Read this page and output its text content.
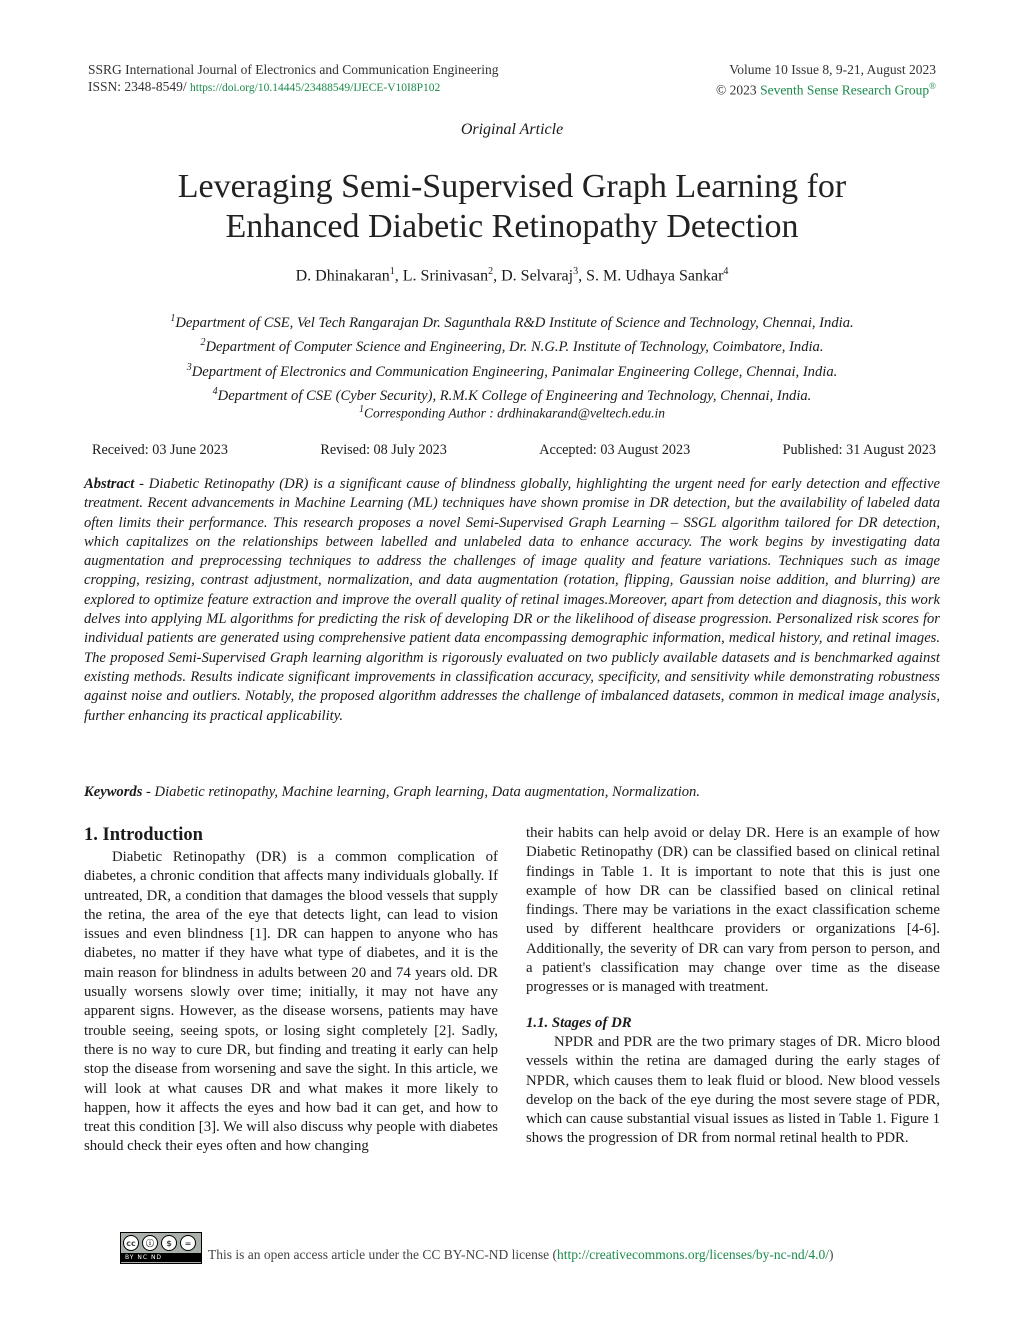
SSRG International Journal of Electronics and Communication Engineering
ISSN: 2348-8549/ https://doi.org/10.14445/23488549/IJECE-V10I8P102
Volume 10 Issue 8, 9-21, August 2023
© 2023 Seventh Sense Research Group®
Original Article
Leveraging Semi-Supervised Graph Learning for
Enhanced Diabetic Retinopathy Detection
D. Dhinakaran$^1$, L. Srinivasan$^2$, D. Selvaraj$^3$, S. M. Udhaya Sankar$^4$
$^1$Department of CSE, Vel Tech Rangarajan Dr. Sagunthala R&D Institute of Science and Technology, Chennai, India.
$^2$Department of Computer Science and Engineering, Dr. N.G.P. Institute of Technology, Coimbatore, India.
$^3$Department of Electronics and Communication Engineering, Panimalar Engineering College, Chennai, India.
$^4$Department of CSE (Cyber Security), R.M.K College of Engineering and Technology, Chennai, India.
$^1$Corresponding Author : drdhinakarand@veltech.edu.in
Received: 03 June 2023	Revised: 08 July 2023	Accepted: 03 August 2023	Published: 31 August 2023
Abstract - Diabetic Retinopathy (DR) is a significant cause of blindness globally, highlighting the urgent need for early detection and effective treatment. Recent advancements in Machine Learning (ML) techniques have shown promise in DR detection, but the availability of labeled data often limits their performance. This research proposes a novel Semi-Supervised Graph Learning – SSGL algorithm tailored for DR detection, which capitalizes on the relationships between labelled and unlabeled data to enhance accuracy. The work begins by investigating data augmentation and preprocessing techniques to address the challenges of image quality and feature variations. Techniques such as image cropping, resizing, contrast adjustment, normalization, and data augmentation (rotation, flipping, Gaussian noise addition, and blurring) are explored to optimize feature extraction and improve the overall quality of retinal images.Moreover, apart from detection and diagnosis, this work delves into applying ML algorithms for predicting the risk of developing DR or the likelihood of disease progression. Personalized risk scores for individual patients are generated using comprehensive patient data encompassing demographic information, medical history, and retinal images. The proposed Semi-Supervised Graph learning algorithm is rigorously evaluated on two publicly available datasets and is benchmarked against existing methods. Results indicate significant improvements in classification accuracy, specificity, and sensitivity while demonstrating robustness against noise and outliers. Notably, the proposed algorithm addresses the challenge of imbalanced datasets, common in medical image analysis, further enhancing its practical applicability.
Keywords - Diabetic retinopathy, Machine learning, Graph learning, Data augmentation, Normalization.
1. Introduction

Diabetic Retinopathy (DR) is a common complication of diabetes, a chronic condition that affects many individuals globally. If untreated, DR, a condition that damages the blood vessels that supply the retina, the area of the eye that detects light, can lead to vision issues and even blindness [1]. DR can happen to anyone who has diabetes, no matter if they have what type of diabetes, and it is the main reason for blindness in adults between 20 and 74 years old. DR usually worsens slowly over time; initially, it may not have any apparent signs. However, as the disease worsens, patients may have trouble seeing, seeing spots, or losing sight completely [2]. Sadly, there is no way to cure DR, but finding and treating it early can help stop the disease from worsening and save the sight. In this article, we will look at what causes DR and what makes it more likely to happen, how it affects the eyes and how bad it can get, and how to treat this condition [3]. We will also discuss why people with diabetes should check their eyes often and how changing

their habits can help avoid or delay DR. Here is an example of how Diabetic Retinopathy (DR) can be classified based on clinical retinal findings in Table 1. It is important to note that this is just one example of how DR can be classified based on clinical retinal findings. There may be variations in the exact classification scheme used by different healthcare providers or organizations [4-6]. Additionally, the severity of DR can vary from person to person, and a patient's classification may change over time as the disease progresses or is managed with treatment.

1.1. Stages of DR

NPDR and PDR are the two primary stages of DR. Micro blood vessels within the retina are damaged during the early stages of NPDR, which causes them to leak fluid or blood. New blood vessels develop on the back of the eye during the most severe stage of PDR, which can cause substantial visual issues as listed in Table 1. Figure 1 shows the progression of DR from normal retinal health to PDR.

cc	ⓘ	$	=
BY NC ND	This is an open access article under the CC BY-NC-ND license (http://creativecommons.org/licenses/by-nc-nd/4.0/)
